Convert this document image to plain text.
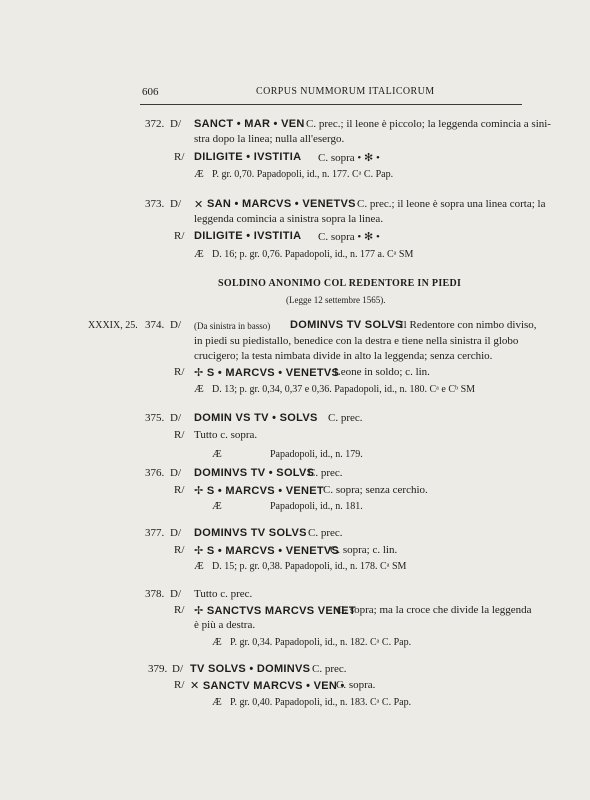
606	CORPUS NUMMORUM ITALICORUM
372. D/ SANCT • MAR • VEN C. prec.; il leone è piccolo; la leggenda comincia a sini-
stra dopo la linea; nulla all'esergo.
R/ DILIGITE • IVSTITIA C. sopra • ✻ •
Æ P. gr. 0,70. Papadopoli, id., n. 177. Cᵃ C. Pap.
373. D/ ✕ SAN • MARCVS • VENETVS C. prec.; il leone è sopra una linea corta; la
leggenda comincia a sinistra sopra la linea.
R/ DILIGITE • IVSTITIA C. sopra • ✻ •
Æ D. 16; p. gr. 0,76. Papadopoli, id., n. 177 a. Cᵃ SM
SOLDINO ANONIMO COL REDENTORE IN PIEDI
(Legge 12 settembre 1565).
XXXIX, 25. 374. D/ (Da sinistra in basso) DOMINVS TV SOLVS
Il Redentore con nimbo diviso,
in piedi su piedistallo, benedice con la destra e tiene nella sinistra il globo
crucigero; la testa nimbata divide in alto la leggenda; senza cerchio.
R/ ✢ S • MARCVS • VENETVS
Leone in soldo; c. lin.
Æ D. 13; p. gr. 0,34, 0,37 e 0,36. Papadopoli, id., n. 180. Cᵃ e Cᵇ SM
375. D/ DOMIN VS TV • SOLVS C. prec.
R/ Tutto c. sopra.
Æ	Papadopoli, id., n. 179.
376. D/ DOMINVS TV • SOLVS
C. prec.
R/ ✢ S • MARCVS • VENET C. sopra; senza cerchio.
Æ	Papadopoli, id., n. 181.
377. D/ DOMINVS TV SOLVS C. prec.
R/ ✢ S • MARCVS • VENETVS
C. sopra; c. lin.
Æ D. 15; p. gr. 0,38. Papadopoli, id., n. 178. Cᵃ SM
378. D/ Tutto c. prec.
R/ ✢ SANCTVS MARCVS VENET
C. sopra; ma la croce che divide la leggenda
è più a destra.
Æ P. gr. 0,34. Papadopoli, id., n. 182. Cᵃ C. Pap.
379. D/ TV SOLVS • DOMINVS C. prec.
R/ ✕ SANCTV MARCVS • VEN •
C. sopra.
Æ P. gr. 0,40. Papadopoli, id., n. 183. Cᵃ C. Pap.
